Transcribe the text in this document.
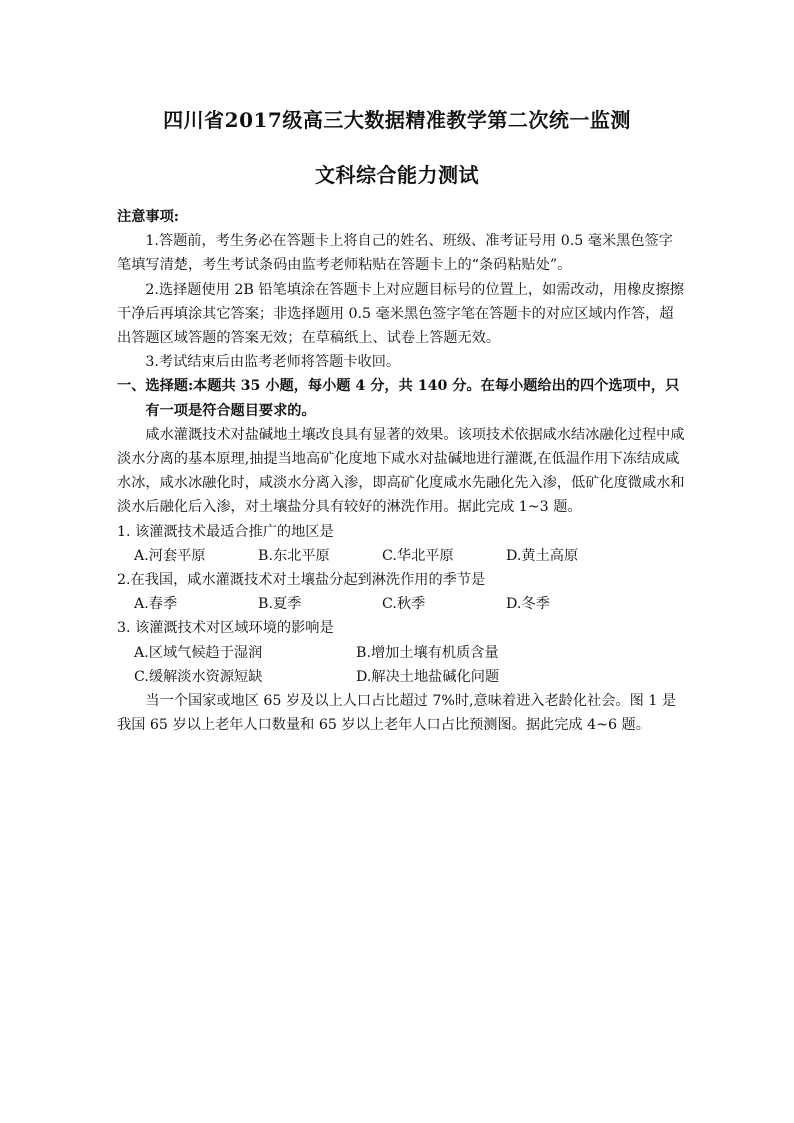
四川省2017级高三大数据精准教学第二次统一监测
文科综合能力测试

注意事项:

1.答题前，考生务必在答题卡上将自己的姓名、班级、准考证号用 0.5 毫米黑色签字笔填写清楚，考生考试条码由监考老师粘贴在答题卡上的“条码粘贴处”。

2.选择题使用 2B 铅笔填涂在答题卡上对应题目标号的位置上，如需改动，用橡皮擦擦干净后再填涂其它答案；非选择题用 0.5 毫米黑色签字笔在答题卡的对应区域内作答，超出答题区域答题的答案无效；在草稿纸上、试卷上答题无效。

3.考试结束后由监考老师将答题卡收回。

一、选择题:本题共 35 小题，每小题 4 分，共 140 分。在每小题给出的四个选项中，只有一项是符合题目要求的。

咸水灌溉技术对盐碱地土壤改良具有显著的效果。该项技术依据咸水结冰融化过程中咸淡水分离的基本原理,抽提当地高矿化度地下咸水对盐碱地进行灌溉,在低温作用下冻结成咸水冰，咸水冰融化时，咸淡水分离入渗，即高矿化度咸水先融化先入渗，低矿化度微咸水和淡水后融化后入渗，对土壤盐分具有较好的淋洗作用。据此完成 1~3 题。

1. 该灌溉技术最适合推广的地区是

A.河套平原	B.东北平原	C.华北平原	D.黄土高原

2.在我国，咸水灌溉技术对土壤盐分起到淋洗作用的季节是

A.春季	B.夏季	C.秋季	D.冬季

3. 该灌溉技术对区域环境的影响是

A.区域气候趋于湿润	B.增加土壤有机质含量
C.缓解淡水资源短缺	D.解决土地盐碱化问题

当一个国家或地区 65 岁及以上人口占比超过 7%时,意味着进入老龄化社会。图 1 是我国 65 岁以上老年人口数量和 65 岁以上老年人口占比预测图。据此完成 4~6 题。
